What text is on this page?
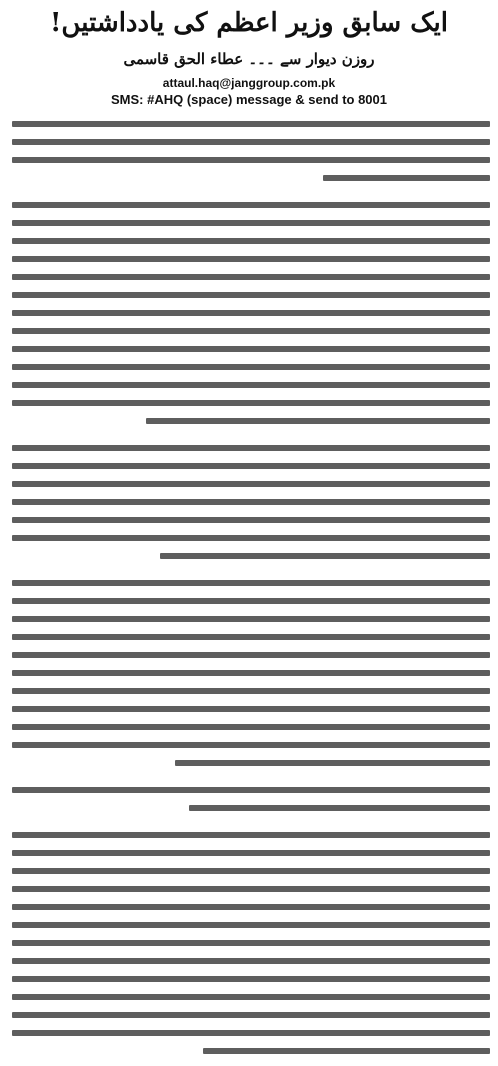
ایک سابق وزیر اعظم کی یادداشتیں!
روزن دیوار سے ۔۔۔ عطاء الحق قاسمی
attaul.haq@janggroup.com.pk
SMS: #AHQ (space) message & send to 8001
